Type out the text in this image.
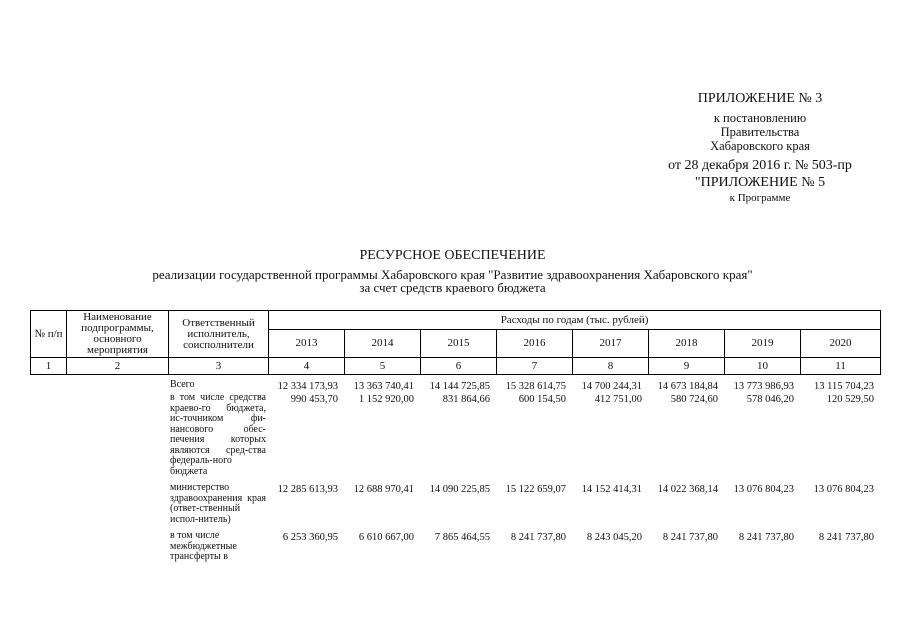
ПРИЛОЖЕНИЕ № 3
к постановлению
Правительства
Хабаровского края
от 28 декабря 2016 г. № 503-пр
"ПРИЛОЖЕНИЕ № 5
к Программе
РЕСУРСНОЕ ОБЕСПЕЧЕНИЕ
реализации государственной программы Хабаровского края "Развитие здравоохранения Хабаровского края"
за счет средств краевого бюджета
№ п/п	Наименование подпрограммы, основного мероприятия	Ответственный исполнитель, соисполнители	Расходы по годам (тыс. рублей)							
			2013	2014	2015	2016	2017	2018	2019	2020
1	2	3	4	5	6	7	8	9	10	11
		Всего	12 334 173,93	13 363 740,41	14 144 725,85	15 328 614,75	14 700 244,31	14 673 184,84	13 773 986,93	13 115 704,23
		в том числе средства краево-го бюджета, ис-точником фи-нансового обес-печения которых являются сред-ства федераль-ного бюджета	990 453,70	1 152 920,00	831 864,66	600 154,50	412 751,00	580 724,60	578 046,20	120 529,50

		министерство здравоохранения края (ответ-ственный испол-нитель)	12 285 613,93	12 688 970,41	14 090 225,85	15 122 659,07	14 152 414,31	14 022 368,14	13 076 804,23	13 076 804,23

		в том числе межбюджетные трансферты в	6 253 360,95	6 610 667,00	7 865 464,55	8 241 737,80	8 243 045,20	8 241 737,80	8 241 737,80	8 241 737,80
